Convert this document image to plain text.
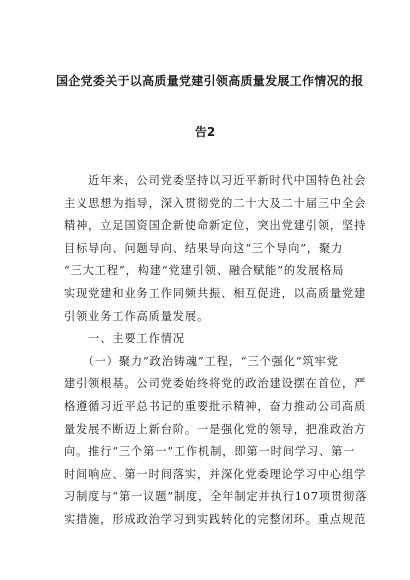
国企党委关于以高质量党建引领高质量发展工作情况的报
告2
　　近年来，公司党委坚持以习近平新时代中国特色社会
主义思想为指导，深入贯彻党的二十大及二十届三中全会
精神，立足国资国企新使命新定位，突出党建引领，坚持
目标导向、问题导向、结果导向这“三个导向”，聚力
“三大工程”，构建“党建引领、融合赋能”的发展格局
实现党建和业务工作同频共振、相互促进，以高质量党建
引领业务工作高质量发展。
　　一、主要工作情况
　　（一）聚力“政治铸魂”工程，“三个强化”筑牢党
建引领根基。公司党委始终将党的政治建设摆在首位，严
格遵循习近平总书记的重要批示精神，奋力推动公司高质
量发展不断迈上新台阶。一是强化党的领导，把准政治方
向。推行“三个第一”工作机制，即第一时间学习、第一
时间响应、第一时间落实，并深化党委理论学习中心组学
习制度与“第一议题”制度，全年制定并执行107项贯彻落
实措施，形成政治学习到实践转化的完整闭环。重点规范
